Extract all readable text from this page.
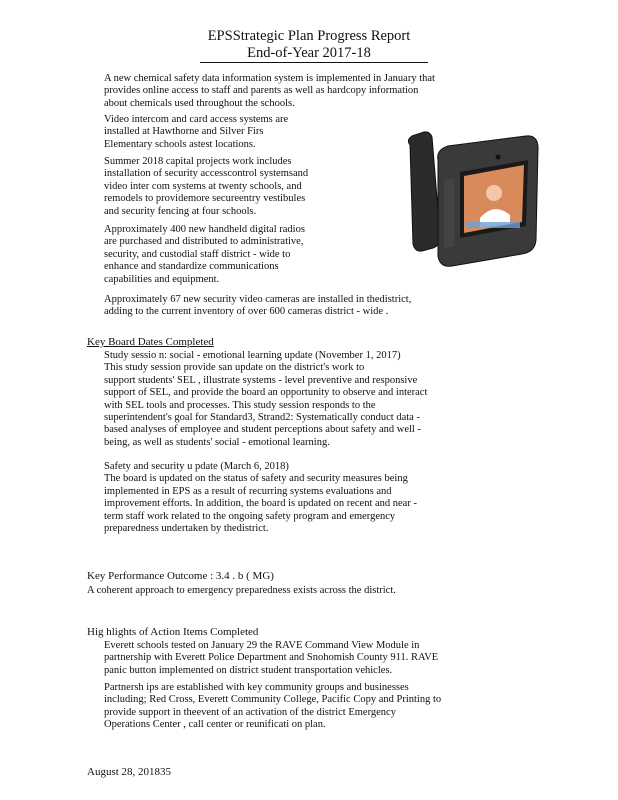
EPSStrategic Plan Progress Report
End-of-Year 2017-18
A new chemical safety data information system is implemented in January that
provides online access to staff and parents as well as hardcopy information
about chemicals used throughout the schools.
Video intercom and card access systems are
installed at Hawthorne and Silver Firs
Elementary schools astest locations.
Summer 2018 capital projects work includes
installation of security accesscontrol systemsand
video inter com systems at twenty schools, and
remodels to providemore secureentry vestibules
and security fencing at four schools.
Approximately 400 new handheld digital radios
are purchased and distributed to administrative,
security, and custodial staff district - wide to
enhance and standardize communications
capabilities and equipment.
Approximately 67 new security video cameras are installed in thedistrict,
adding to the current inventory of over 600 cameras district - wide .
Key Board Dates Completed
Study sessio n: social - emotional learning update (November 1, 2017)
This study session provide san update on the district's work to
support students' SEL , illustrate systems - level preventive and responsive
support of SEL, and provide the board an opportunity to observe and interact
with SEL tools and processes. This study session responds to the
superintendent's goal for Standard3, Strand2: Systematically conduct data -
based analyses of employee and student perceptions about safety and well -
being, as well as students' social - emotional learning.
Safety and security u pdate (March 6, 2018)
The board is updated on the status of safety and security measures being
implemented in EPS as a result of recurring systems evaluations and
improvement efforts. In addition, the board is updated on recent and near -
term staff work related to the ongoing safety program and emergency
preparedness undertaken by thedistrict.
Key Performance Outcome : 3.4 . b ( MG)
A coherent approach to emergency preparedness exists across the district.
Hig hlights of Action Items Completed
Everett schools tested on January 29 the RAVE Command View Module in
partnership with Everett Police Department and Snohomish County 911. RAVE
panic button implemented on district student transportation vehicles.
Partnersh ips are established with key community groups and businesses
including; Red Cross, Everett Community College, Pacific Copy and Printing to
provide support in theevent of an activation of the district Emergency
Operations Center , call center or reunificati on plan.
August 28, 201835
